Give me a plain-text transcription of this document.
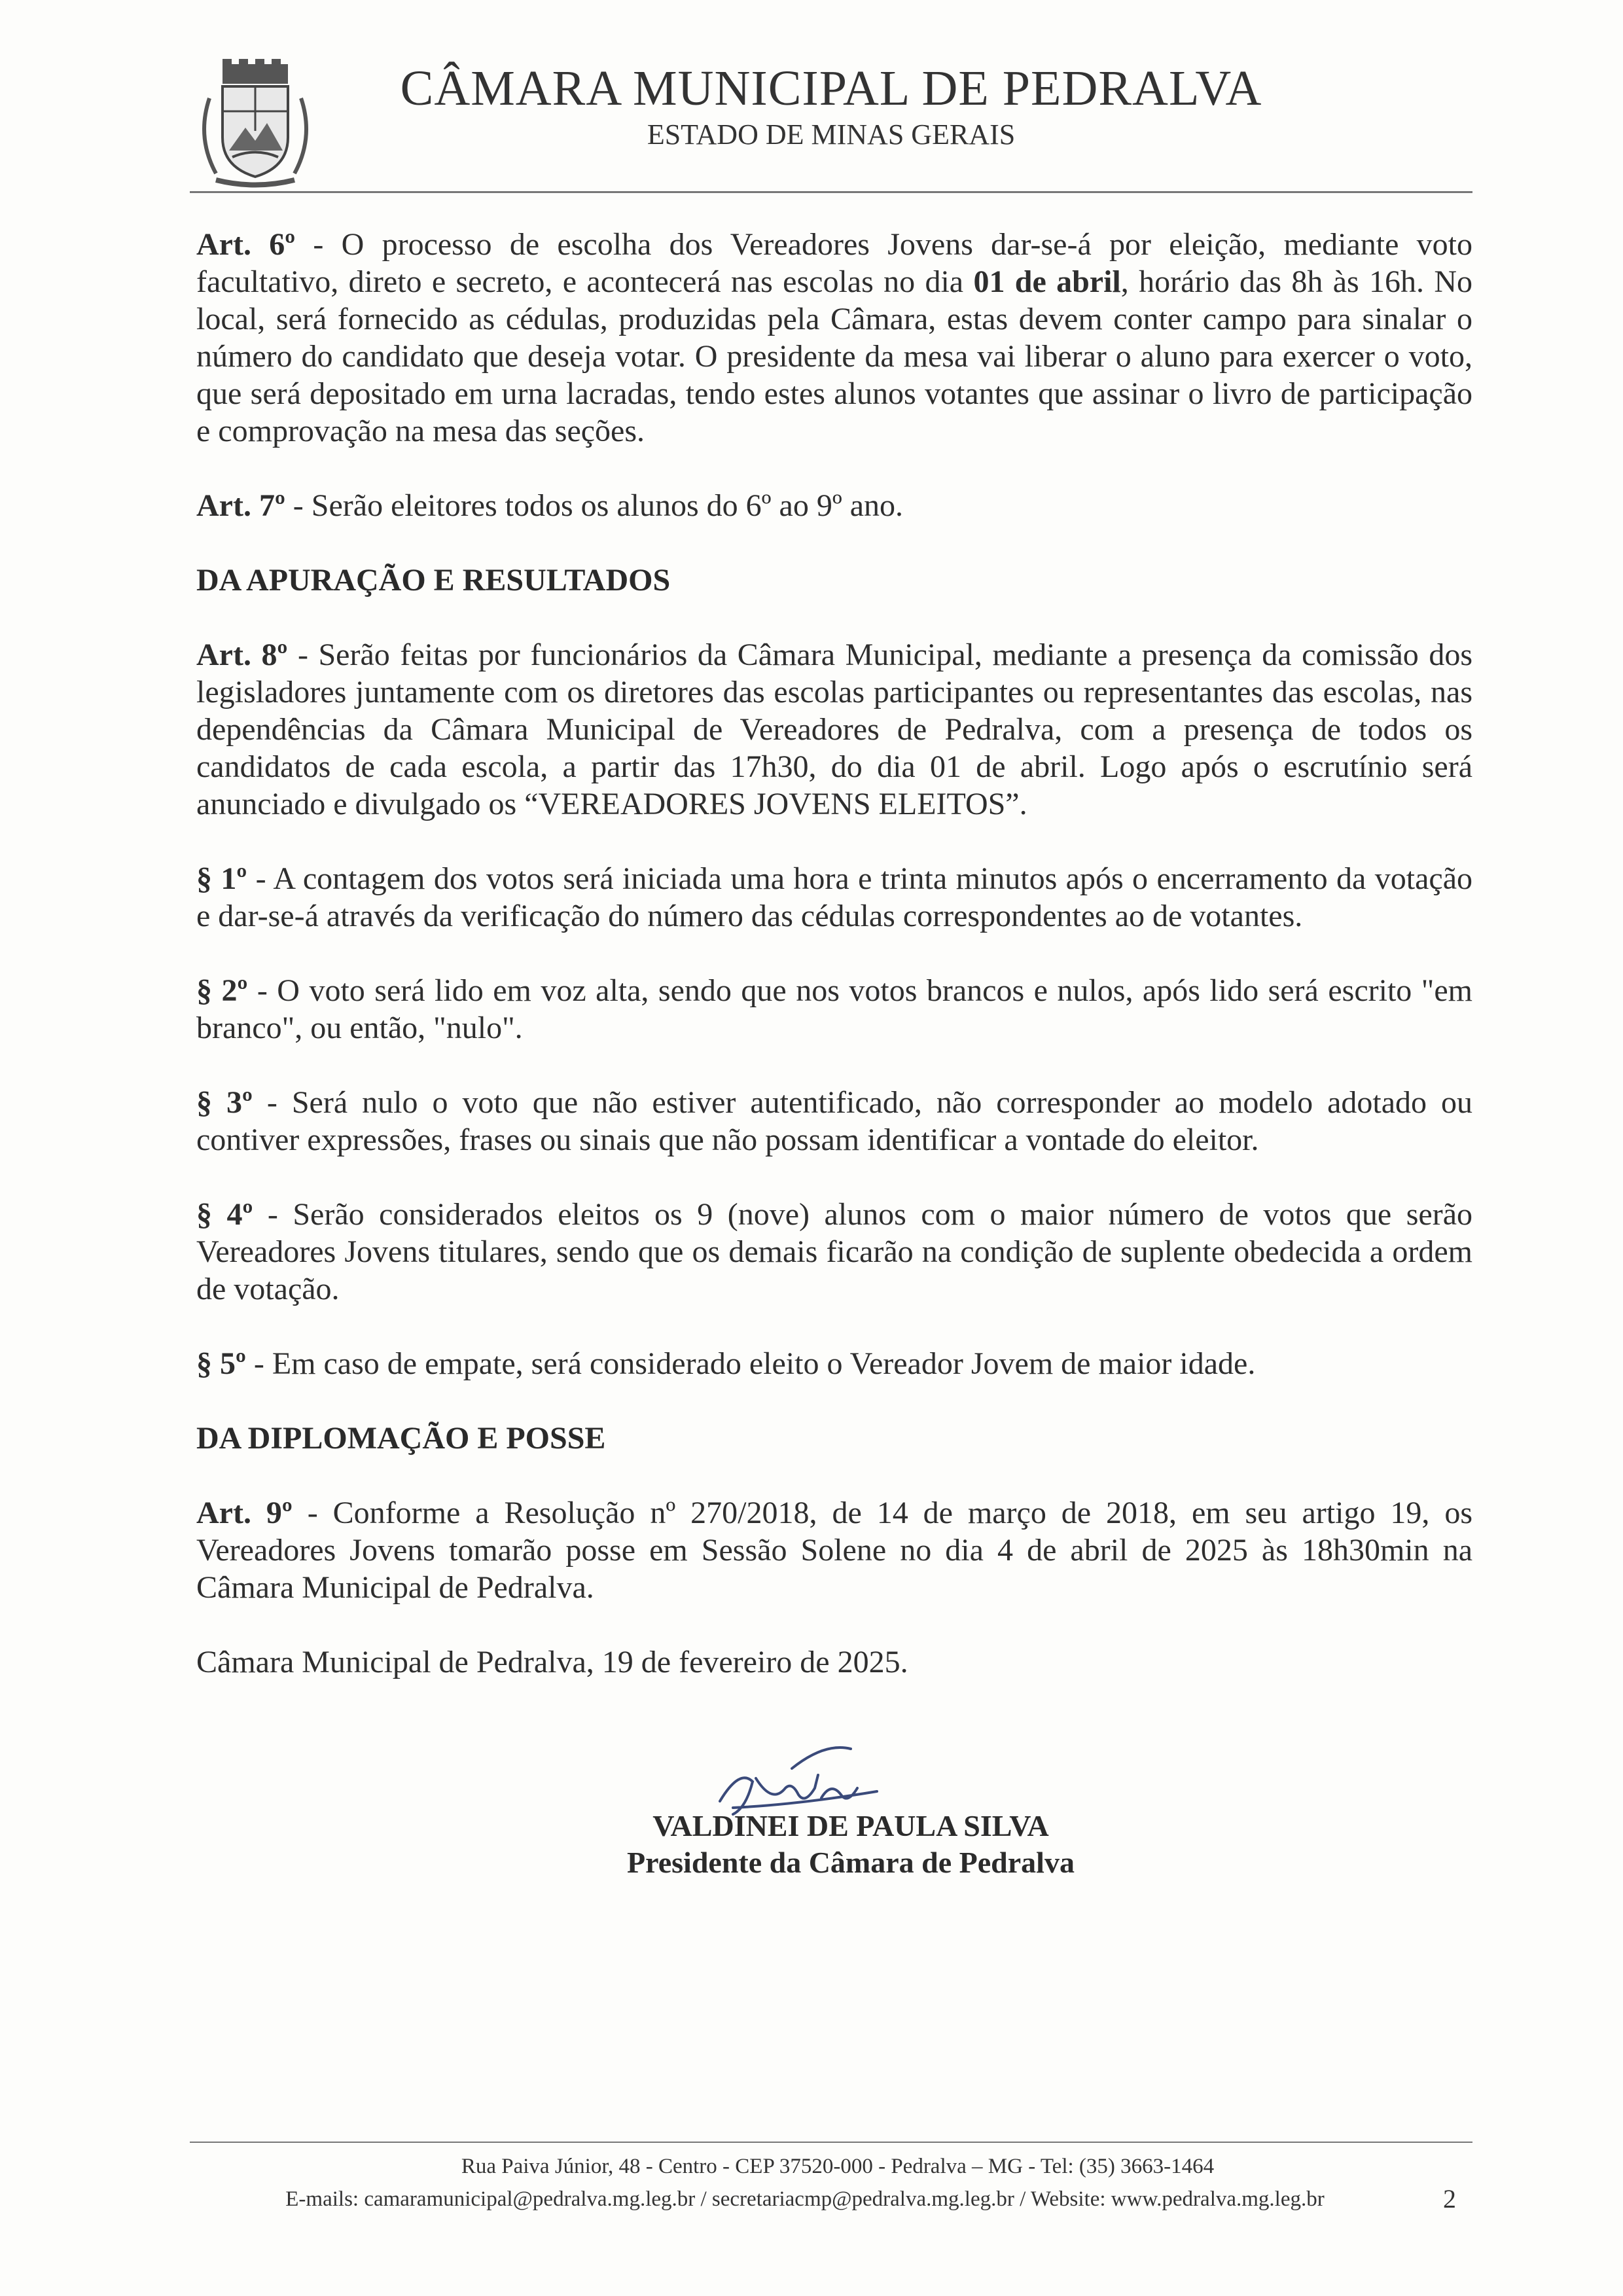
CÂMARA MUNICIPAL DE PEDRALVA
ESTADO DE MINAS GERAIS

Art. 6º - O processo de escolha dos Vereadores Jovens dar-se-á por eleição, mediante voto facultativo, direto e secreto, e acontecerá nas escolas no dia 01 de abril, horário das 8h às 16h. No local, será fornecido as cédulas, produzidas pela Câmara, estas devem conter campo para sinalar o número do candidato que deseja votar. O presidente da mesa vai liberar o aluno para exercer o voto, que será depositado em urna lacradas, tendo estes alunos votantes que assinar o livro de participação e comprovação na mesa das seções.

Art. 7º - Serão eleitores todos os alunos do 6º ao 9º ano.

DA APURAÇÃO E RESULTADOS

Art. 8º - Serão feitas por funcionários da Câmara Municipal, mediante a presença da comissão dos legisladores juntamente com os diretores das escolas participantes ou representantes das escolas, nas dependências da Câmara Municipal de Vereadores de Pedralva, com a presença de todos os candidatos de cada escola, a partir das 17h30, do dia 01 de abril. Logo após o escrutínio será anunciado e divulgado os “VEREADORES JOVENS ELEITOS”.

§ 1º - A contagem dos votos será iniciada uma hora e trinta minutos após o encerramento da votação e dar-se-á através da verificação do número das cédulas correspondentes ao de votantes.

§ 2º - O voto será lido em voz alta, sendo que nos votos brancos e nulos, após lido será escrito "em branco", ou então, "nulo".

§ 3º - Será nulo o voto que não estiver autentificado, não corresponder ao modelo adotado ou contiver expressões, frases ou sinais que não possam identificar a vontade do eleitor.

§ 4º - Serão considerados eleitos os 9 (nove) alunos com o maior número de votos que serão Vereadores Jovens titulares, sendo que os demais ficarão na condição de suplente obedecida a ordem de votação.

§ 5º - Em caso de empate, será considerado eleito o Vereador Jovem de maior idade.

DA DIPLOMAÇÃO E POSSE

Art. 9º - Conforme a Resolução nº 270/2018, de 14 de março de 2018, em seu artigo 19, os Vereadores Jovens tomarão posse em Sessão Solene no dia 4 de abril de 2025 às 18h30min na Câmara Municipal de Pedralva.

Câmara Municipal de Pedralva, 19 de fevereiro de 2025.

VALDINEI DE PAULA SILVA
Presidente da Câmara de Pedralva
Rua Paiva Júnior, 48 - Centro - CEP 37520-000 - Pedralva – MG - Tel: (35) 3663-1464
E-mails: camaramunicipal@pedralva.mg.leg.br / secretariacmp@pedralva.mg.leg.br / Website: www.pedralva.mg.leg.br	2
